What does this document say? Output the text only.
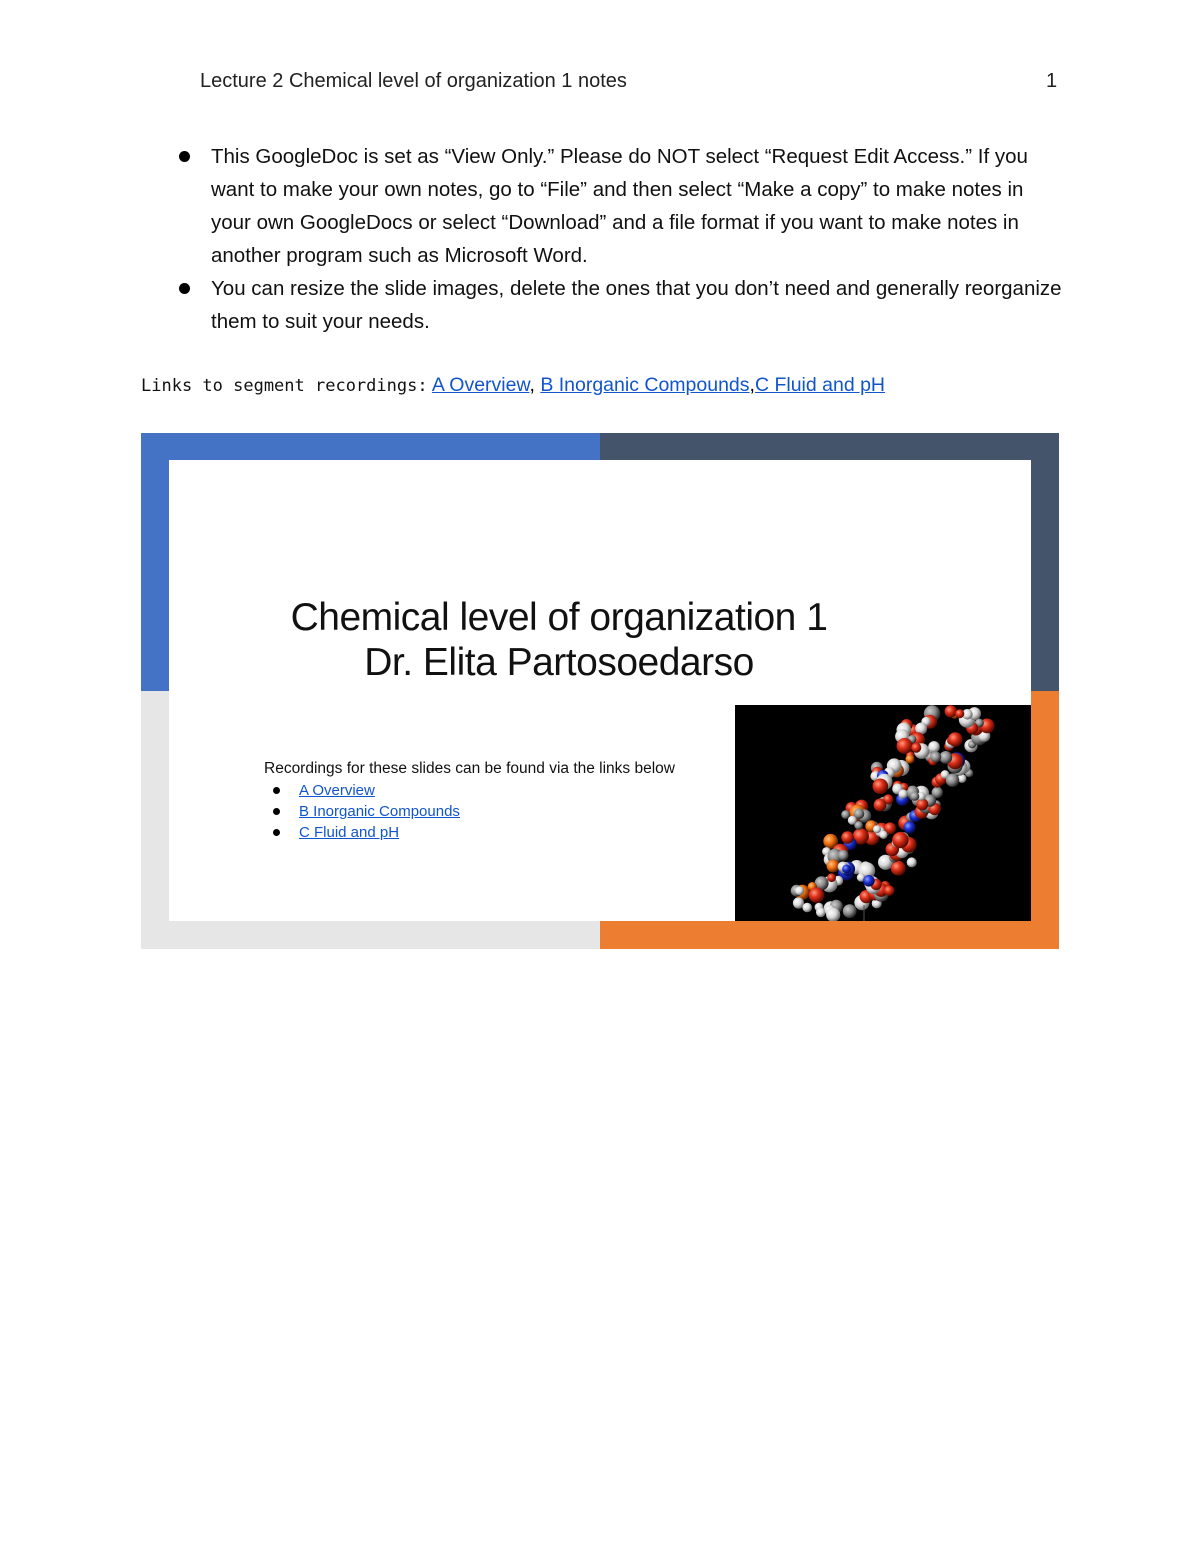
Lecture 2 Chemical level of organization 1 notes	1
This GoogleDoc is set as “View Only.” Please do NOT select “Request Edit Access.” If you want to make your own notes, go to “File” and then select “Make a copy” to make notes in your own GoogleDocs or select “Download” and a file format if you want to make notes in another program such as Microsoft Word.
You can resize the slide images, delete the ones that you don’t need and generally reorganize them to suit your needs.
Links to segment recordings: A Overview, B Inorganic Compounds,C Fluid and pH
Chemical level of organization 1
Dr. Elita Partosoedarso
Recordings for these slides can be found via the links below
A Overview
B Inorganic Compounds
C Fluid and pH
